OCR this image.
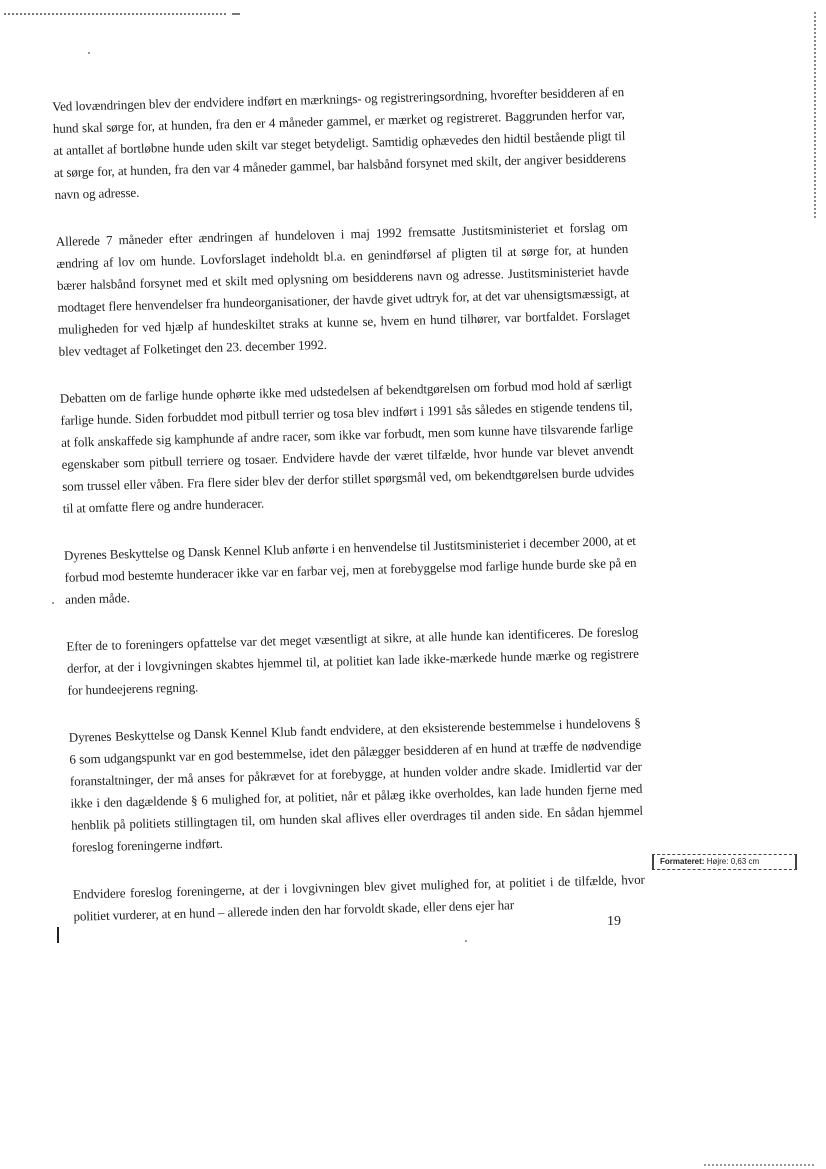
Ved lovændringen blev der endvidere indført en mærknings- og registreringsordning, hvorefter besidderen af en hund skal sørge for, at hunden, fra den er 4 måneder gammel, er mærket og registreret. Baggrunden herfor var, at antallet af bortløbne hunde uden skilt var steget betydeligt. Samtidig ophævedes den hidtil bestående pligt til at sørge for, at hunden, fra den var 4 måneder gammel, bar halsbånd forsynet med skilt, der angiver besidderens navn og adresse.

Allerede 7 måneder efter ændringen af hundeloven i maj 1992 fremsatte Justitsministeriet et forslag om ændring af lov om hunde. Lovforslaget indeholdt bl.a. en genindførsel af pligten til at sørge for, at hunden bærer halsbånd forsynet med et skilt med oplysning om besidderens navn og adresse. Justitsministeriet havde modtaget flere henvendelser fra hundeorganisationer, der havde givet udtryk for, at det var uhensigtsmæssigt, at muligheden for ved hjælp af hundeskiltet straks at kunne se, hvem en hund tilhører, var bortfaldet. Forslaget blev vedtaget af Folketinget den 23. december 1992.

Debatten om de farlige hunde ophørte ikke med udstedelsen af bekendtgørelsen om forbud mod hold af særligt farlige hunde. Siden forbuddet mod pitbull terrier og tosa blev indført i 1991 sås således en stigende tendens til, at folk anskaffede sig kamphunde af andre racer, som ikke var forbudt, men som kunne have tilsvarende farlige egenskaber som pitbull terriere og tosaer. Endvidere havde der været tilfælde, hvor hunde var blevet anvendt som trussel eller våben. Fra flere sider blev der derfor stillet spørgsmål ved, om bekendtgørelsen burde udvides til at omfatte flere og andre hunderacer.

Dyrenes Beskyttelse og Dansk Kennel Klub anførte i en henvendelse til Justitsministeriet i december 2000, at et forbud mod bestemte hunderacer ikke var en farbar vej, men at forebyggelse mod farlige hunde burde ske på en anden måde.

Efter de to foreningers opfattelse var det meget væsentligt at sikre, at alle hunde kan identificeres. De foreslog derfor, at der i lovgivningen skabtes hjemmel til, at politiet kan lade ikke-mærkede hunde mærke og registrere for hundeejerens regning.

Dyrenes Beskyttelse og Dansk Kennel Klub fandt endvidere, at den eksisterende bestemmelse i hundelovens § 6 som udgangspunkt var en god bestemmelse, idet den pålægger besidderen af en hund at træffe de nødvendige foranstaltninger, der må anses for påkrævet for at forebygge, at hunden volder andre skade. Imidlertid var der ikke i den dagældende § 6 mulighed for, at politiet, når et pålæg ikke overholdes, kan lade hunden fjerne med henblik på politiets stillingtagen til, om hunden skal aflives eller overdrages til anden side. En sådan hjemmel foreslog foreningerne indført.

Endvidere foreslog foreningerne, at der i lovgivningen blev givet mulighed for, at politiet i de tilfælde, hvor politiet vurderer, at en hund – allerede inden den har forvoldt skade, eller dens ejer har	19
Formateret: Højre: 0,63 cm
